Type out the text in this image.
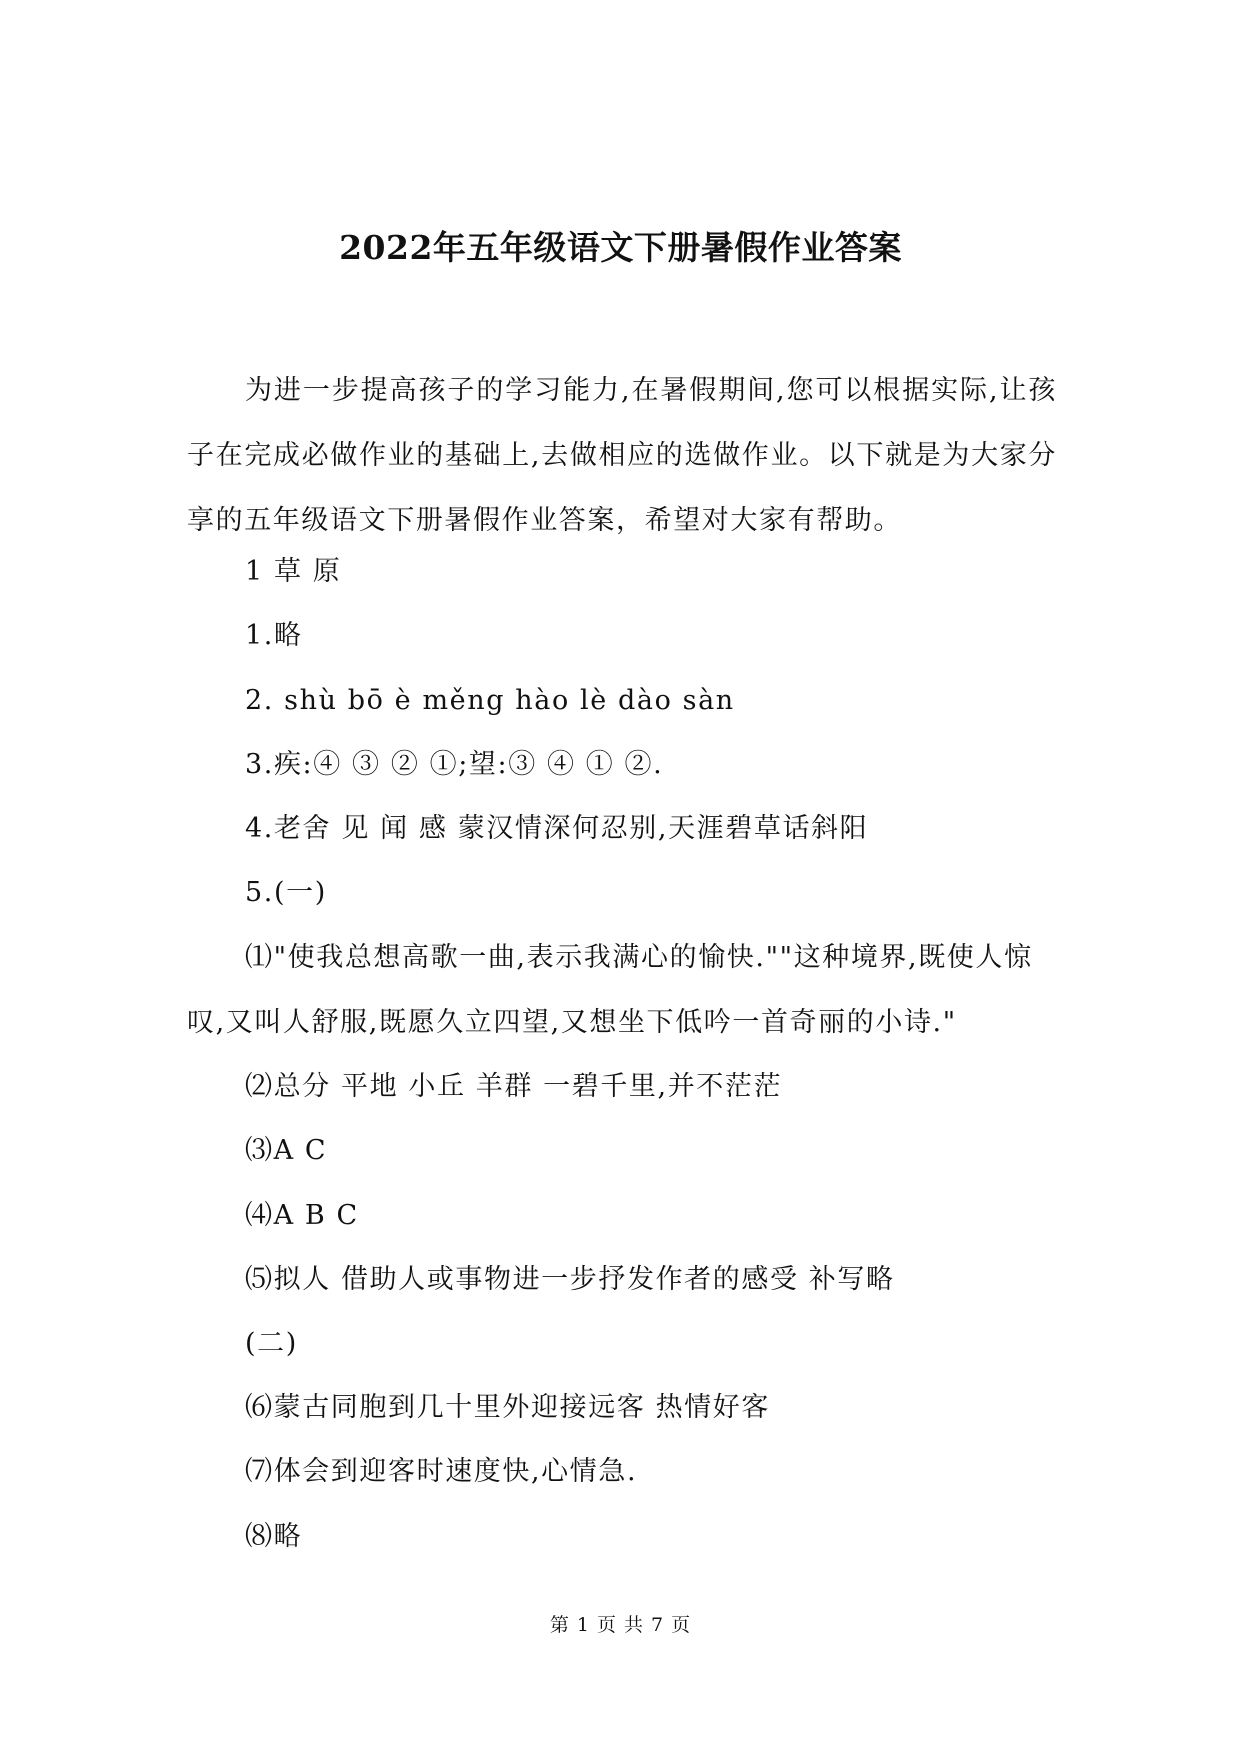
2022年五年级语文下册暑假作业答案
为进一步提高孩子的学习能力,在暑假期间,您可以根据实际,让孩子在完成必做作业的基础上,去做相应的选做作业。以下就是为大家分享的五年级语文下册暑假作业答案，希望对大家有帮助。
1 草 原
1.略
2. shù bō è měng hào lè dào sàn
3.疾:④ ③ ② ①;望:③ ④ ① ②.
4.老舍 见 闻 感 蒙汉情深何忍别,天涯碧草话斜阳
5.(一)
⑴"使我总想高歌一曲,表示我满心的愉快.""这种境界,既使人惊叹,又叫人舒服,既愿久立四望,又想坐下低吟一首奇丽的小诗."
⑵总分 平地 小丘 羊群 一碧千里,并不茫茫
⑶A C
⑷A B C
⑸拟人 借助人或事物进一步抒发作者的感受 补写略
(二)
⑹蒙古同胞到几十里外迎接远客 热情好客
⑺体会到迎客时速度快,心情急.
⑻略
第 1 页 共 7 页
